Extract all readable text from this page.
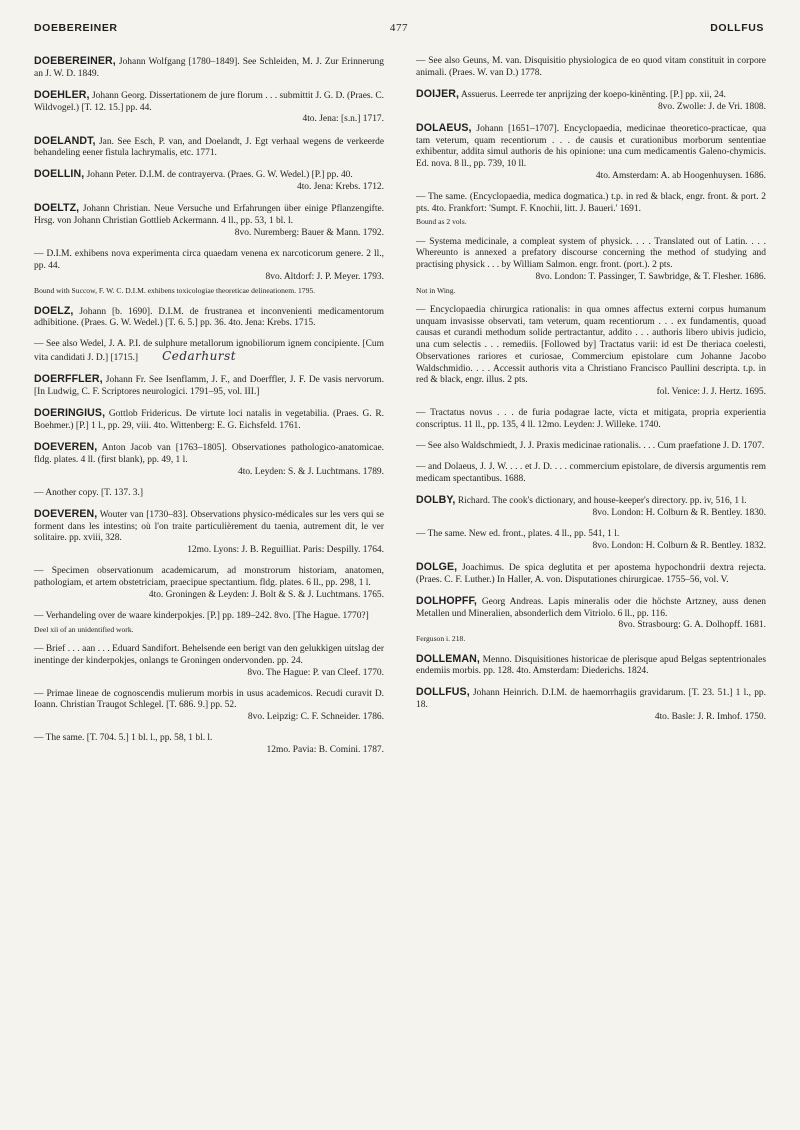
DOEBEREINER	477	DOLLFUS
DOEBEREINER, Johann Wolfgang [1780–1849]. See Schleiden, M. J. Zur Erinnerung an J. W. D. 1849.
DOEHLER, Johann Georg. Dissertationem de jure florum . . . submittit J. G. D. (Praes. C. Wildvogel.) [T. 12. 15.] pp. 44.
4to. Jena: [s.n.] 1717.
DOELANDT, Jan. See Esch, P. van, and Doelandt, J. Egt verhaal wegens de verkeerde behandeling eener fistula lachrymalis, etc. 1771.
DOELLIN, Johann Peter. D.I.M. de contrayerva. (Praes. G. W. Wedel.) [P.] pp. 40.
4to. Jena: Krebs. 1712.
DOELTZ, Johann Christian. Neue Versuche und Erfahrungen über einige Pflanzengifte. Hrsg. von Johann Christian Gottlieb Ackermann. 4 ll., pp. 53, 1 bl. l.
8vo. Nuremberg: Bauer & Mann. 1792.
— D.I.M. exhibens nova experimenta circa quaedam venena ex narcoticorum genere. 2 ll., pp. 44.
8vo. Altdorf: J. P. Meyer. 1793.
Bound with Succow, F. W. C. D.I.M. exhibens toxicologiae theoreticae delineationem. 1795.
DOELZ, Johann [b. 1690]. D.I.M. de frustranea et inconvenienti medicamentorum adhibitione. (Praes. G. W. Wedel.) [T. 6. 5.] pp. 36. 4to. Jena: Krebs. 1715.
— See also Wedel, J. A. P.I. de sulphure metallorum ignobiliorum ignem concipiente. [Cum vita candidati J. D.] [1715.] Cedarhurst
DOERFFLER, Johann Fr. See Isenflamm, J. F., and Doerffler, J. F. De vasis nervorum. [In Ludwig, C. F. Scriptores neurologici. 1791–95, vol. III.]
DOERINGIUS, Gottlob Fridericus. De virtute loci natalis in vegetabilia. (Praes. G. R. Boehmer.) [P.] 1 l., pp. 29, viii. 4to. Wittenberg: E. G. Eichsfeld. 1761.
DOEVEREN, Anton Jacob van [1763–1805]. Observationes pathologico-anatomicae. fldg. plates. 4 ll. (first blank), pp. 49, 1 l.
4to. Leyden: S. & J. Luchtmans. 1789.
— Another copy. [T. 137. 3.]
DOEVEREN, Wouter van [1730–83]. Observations physico-médicales sur les vers qui se forment dans les intestins; où l'on traite particulièrement du taenia, autrement dit, le ver solitaire. pp. xviii, 328.
12mo. Lyons: J. B. Reguilliat. Paris: Despilly. 1764.
— Specimen observationum academicarum, ad monstrorum historiam, anatomen, pathologiam, et artem obstetriciam, praecipue spectantium. fldg. plates. 6 ll., pp. 298, 1 l.
4to. Groningen & Leyden: J. Bolt & S. & J. Luchtmans. 1765.
— Verhandeling over de waare kinderpokjes. [P.] pp. 189–242. 8vo. [The Hague. 1770?]
Deel xii of an unidentified work.
— Brief . . . aan . . . Eduard Sandifort. Behelsende een berigt van den gelukkigen uitslag der inentinge der kinderpokjes, onlangs te Groningen ondervonden. pp. 24.
8vo. The Hague: P. van Cleef. 1770.
— Primae lineae de cognoscendis mulierum morbis in usus academicos. Recudi curavit D. Ioann. Christian Traugot Schlegel. [T. 686. 9.] pp. 52.
8vo. Leipzig: C. F. Schneider. 1786.
— The same. [T. 704. 5.] 1 bl. l., pp. 58, 1 bl. l.
12mo. Pavia: B. Comini. 1787.
— See also Geuns, M. van. Disquisitio physiologica de eo quod vitam constituit in corpore animali. (Praes. W. van D.) 1778.
DOIJER, Assuerus. Leerrede ter anprijzing der koepo-kinënting. [P.] pp. xii, 24.
8vo. Zwolle: J. de Vri. 1808.
DOLAEUS, Johann [1651–1707]. Encyclopaedia, medicinae theoretico-practicae, qua tam veterum, quam recentiorum . . . de causis et curationibus morborum sententiae exhibentur, addita simul authoris de his opinione: una cum medicamentis Galeno-chymicis. Ed. nova. 8 ll., pp. 739, 10 ll.
4to. Amsterdam: A. ab Hoogenhuysen. 1686.
— The same. (Encyclopaedia, medica dogmatica.) t.p. in red & black, engr. front. & port. 2 pts. 4to. Frankfort: 'Sumpt. F. Knochii, litt. J. Baueri.' 1691.
Bound as 2 vols.
— Systema medicinale, a compleat system of physick. . . . Translated out of Latin. . . . Whereunto is annexed a prefatory discourse concerning the method of studying and practising physick . . . by William Salmon. engr. front. (port.). 2 pts.
8vo. London: T. Passinger, T. Sawbridge, & T. Flesher. 1686.
Not in Wing.
— Encyclopaedia chirurgica rationalis: in qua omnes affectus externi corpus humanum unquam invasisse observati, tam veterum, quam recentiorum . . . ex fundamentis, quoad causas et curandi methodum solide pertractantur, addito . . . authoris libero ubivis judicio, una cum selectis . . . remediis. [Followed by] Tractatus varii: id est De theriaca coelesti, Observationes rariores et curiosae, Commercium epistolare cum Johanne Jacobo Waldschmidio. . . . Accessit authoris vita a Christiano Francisco Paullini descripta. t.p. in red & black, engr. illus. 2 pts.
fol. Venice: J. J. Hertz. 1695.
— Tractatus novus . . . de furia podagrae lacte, victa et mitigata, propria experientia conscriptus. 11 ll., pp. 135, 4 ll. 12mo. Leyden: J. Willeke. 1740.
— See also Waldschmiedt, J. J. Praxis medicinae rationalis. . . . Cum praefatione J. D. 1707.
— and Dolaeus, J. J. W. . . . et J. D. . . . commercium epistolare, de diversis argumentis rem medicam spectantibus. 1688.
DOLBY, Richard. The cook's dictionary, and house-keeper's directory. pp. iv, 516, 1 l.
8vo. London: H. Colburn & R. Bentley. 1830.
— The same. New ed. front., plates. 4 ll., pp. 541, 1 l.
8vo. London: H. Colburn & R. Bentley. 1832.
DOLGE, Joachimus. De spica deglutita et per apostema hypochondrii dextra rejecta. (Praes. C. F. Luther.) In Haller, A. von. Disputationes chirurgicae. 1755–56, vol. V.
DOLHOPFF, Georg Andreas. Lapis mineralis oder die höchste Artzney, auss denen Metallen und Mineralien, absonderlich dem Vitriolo. 6 ll., pp. 116.
8vo. Strasbourg: G. A. Dolhopff. 1681.
Ferguson i. 218.
DOLLEMAN, Menno. Disquisitiones historicae de plerisque apud Belgas septentrionales endemiis morbis. pp. 128. 4to. Amsterdam: Diederichs. 1824.
DOLLFUS, Johann Heinrich. D.I.M. de haemorrhagiis gravidarum. [T. 23. 51.] 1 l., pp. 18.
4to. Basle: J. R. Imhof. 1750.
